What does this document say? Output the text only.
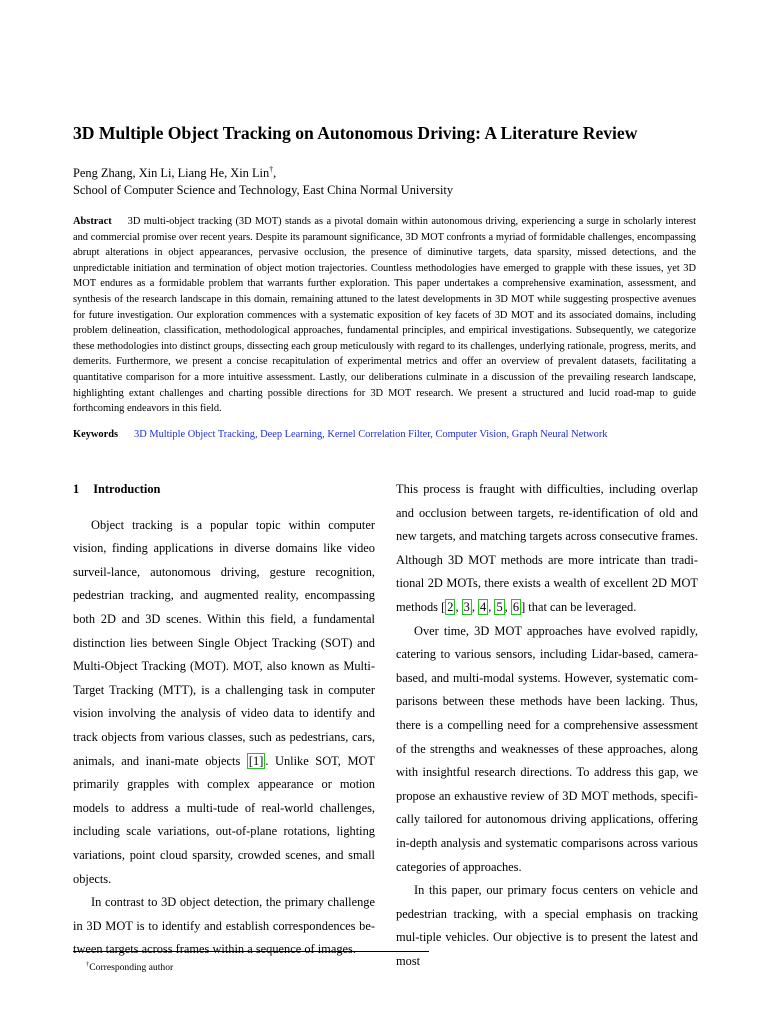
3D Multiple Object Tracking on Autonomous Driving: A Literature Review
Peng Zhang, Xin Li, Liang He, Xin Lin†,
School of Computer Science and Technology, East China Normal University
Abstract 3D multi-object tracking (3D MOT) stands as a pivotal domain within autonomous driving, experiencing a surge in scholarly interest and commercial promise over recent years. Despite its paramount significance, 3D MOT confronts a myriad of formidable challenges, encompassing abrupt alterations in object appearances, pervasive occlusion, the presence of diminutive targets, data sparsity, missed detections, and the unpredictable initiation and termination of object motion trajectories. Countless methodologies have emerged to grapple with these issues, yet 3D MOT endures as a formidable problem that warrants further exploration. This paper undertakes a comprehensive examination, assessment, and synthesis of the research landscape in this domain, remaining attuned to the latest developments in 3D MOT while suggesting prospective avenues for future investigation. Our exploration commences with a systematic exposition of key facets of 3D MOT and its associated domains, including problem delineation, classification, methodological approaches, fundamental principles, and empirical investigations. Subsequently, we categorize these methodologies into distinct groups, dissecting each group meticulously with regard to its challenges, underlying rationale, progress, merits, and demerits. Furthermore, we present a concise recapitulation of experimental metrics and offer an overview of prevalent datasets, facilitating a quantitative comparison for a more intuitive assessment. Lastly, our deliberations culminate in a discussion of the prevailing research landscape, highlighting extant challenges and charting possible directions for 3D MOT research. We present a structured and lucid road-map to guide forthcoming endeavors in this field.
Keywords 3D Multiple Object Tracking, Deep Learning, Kernel Correlation Filter, Computer Vision, Graph Neural Network
1 Introduction

Object tracking is a popular topic within computer vision, finding applications in diverse domains like video surveil-lance, autonomous driving, gesture recognition, pedestrian tracking, and augmented reality, encompassing both 2D and 3D scenes. Within this field, a fundamental distinction lies between Single Object Tracking (SOT) and Multi-Object Tracking (MOT). MOT, also known as Multi-Target Tracking (MTT), is a challenging task in computer vision involving the analysis of video data to identify and track objects from various classes, such as pedestrians, cars, animals, and inani-mate objects [1] . Unlike SOT, MOT primarily grapples with complex appearance or motion models to address a multi-tude of real-world challenges, including scale variations, out-of-plane rotations, lighting variations, point cloud sparsity, crowded scenes, and small objects.

In contrast to 3D object detection, the primary challenge in 3D MOT is to identify and establish correspondences be-tween targets across frames within a sequence of images.

This process is fraught with difficulties, including overlap and occlusion between targets, re-identification of old and new targets, and matching targets across consecutive frames. Although 3D MOT methods are more intricate than tradi-tional 2D MOTs, there exists a wealth of excellent 2D MOT methods [ 2 , 3 , 4 , 5 , 6 ] that can be leveraged.

Over time, 3D MOT approaches have evolved rapidly, catering to various sensors, including Lidar-based, camera-based, and multi-modal systems. However, systematic com-parisons between these methods have been lacking. Thus, there is a compelling need for a comprehensive assessment of the strengths and weaknesses of these approaches, along with insightful research directions. To address this gap, we propose an exhaustive review of 3D MOT methods, specifi-cally tailored for autonomous driving applications, offering in-depth analysis and systematic comparisons across various categories of approaches.

In this paper, our primary focus centers on vehicle and pedestrian tracking, with a special emphasis on tracking mul-tiple vehicles. Our objective is to present the latest and most

†Corresponding author
